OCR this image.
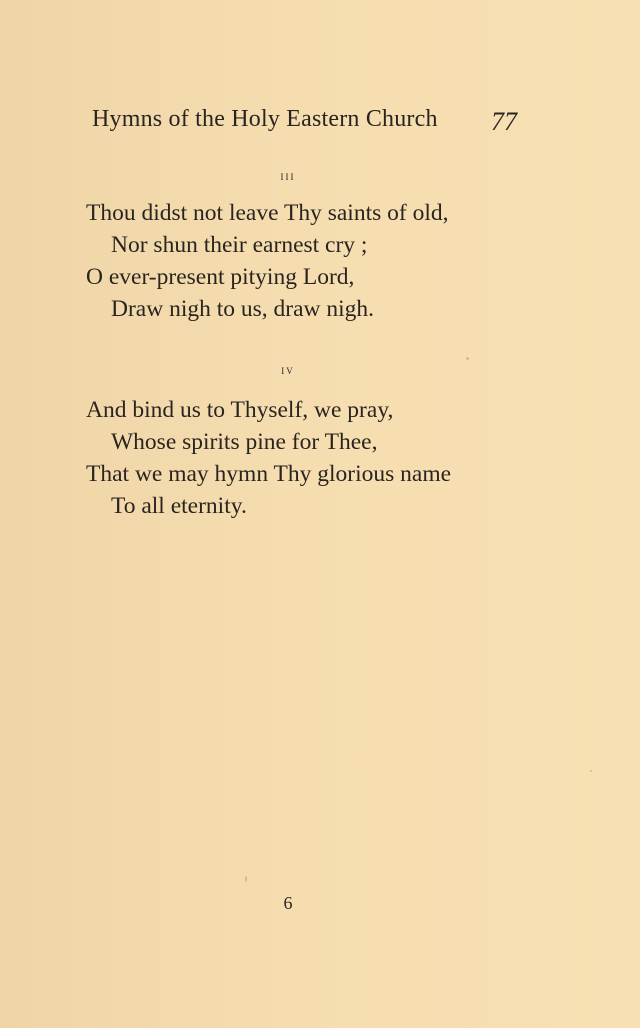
Hymns of the Holy Eastern Church 77
iii
Thou didst not leave Thy saints of old,
Nor shun their earnest cry ;
O ever-present pitying Lord,
Draw nigh to us, draw nigh.
iv
And bind us to Thyself, we pray,
Whose spirits pine for Thee,
That we may hymn Thy glorious name
To all eternity.
6
